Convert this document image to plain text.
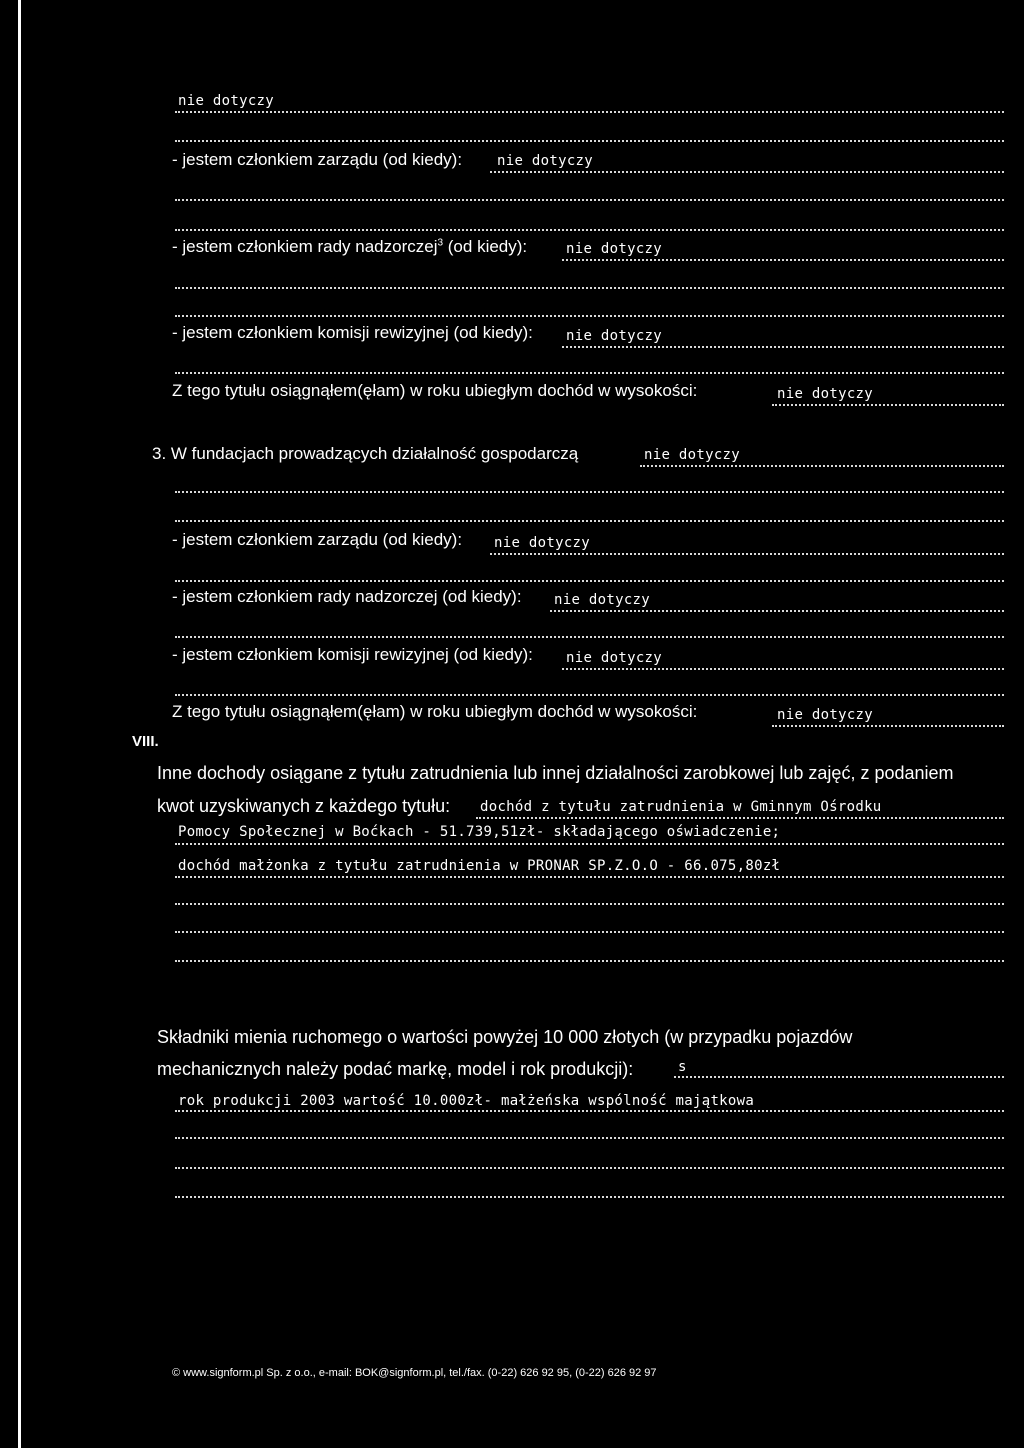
nie dotyczy
- jestem członkiem zarządu (od kiedy): nie dotyczy
- jestem członkiem rady nadzorczej$^3$ (od kiedy):	nie dotyczy
- jestem członkiem komisji rewizyjnej (od kiedy): nie dotyczy
Z tego tytułu osiągnąłem(ęłam) w roku ubiegłym dochód w wysokości:	nie dotyczy
3. W fundacjach prowadzących działalność gospodarczą	nie dotyczy
- jestem członkiem zarządu (od kiedy): nie dotyczy
- jestem członkiem rady nadzorczej (od kiedy): nie dotyczy
- jestem członkiem komisji rewizyjnej (od kiedy): nie dotyczy
Z tego tytułu osiągnąłem(ęłam) w roku ubiegłym dochód w wysokości:	nie dotyczy
VIII.
Inne dochody osiągane z tytułu zatrudnienia lub innej działalności zarobkowej lub zajęć, z podaniem
kwot uzyskiwanych z każdego tytułu: dochód z tytułu zatrudnienia w Gminnym Ośrodku
Pomocy Społecznej w Boćkach - 51.739,51zł- składającego oświadczenie;
dochód małżonka z tytułu zatrudnienia w PRONAR SP.Z.O.O - 66.075,80zł
Składniki mienia ruchomego o wartości powyżej 10 000 złotych (w przypadku pojazdów
mechanicznych należy podać markę, model i rok produkcji):	s
rok produkcji 2003 wartość 10.000zł- małżeńska wspólność majątkowa
© www.signform.pl Sp. z o.o., e-mail: BOK@signform.pl, tel./fax. (0-22) 626 92 95, (0-22) 626 92 97
